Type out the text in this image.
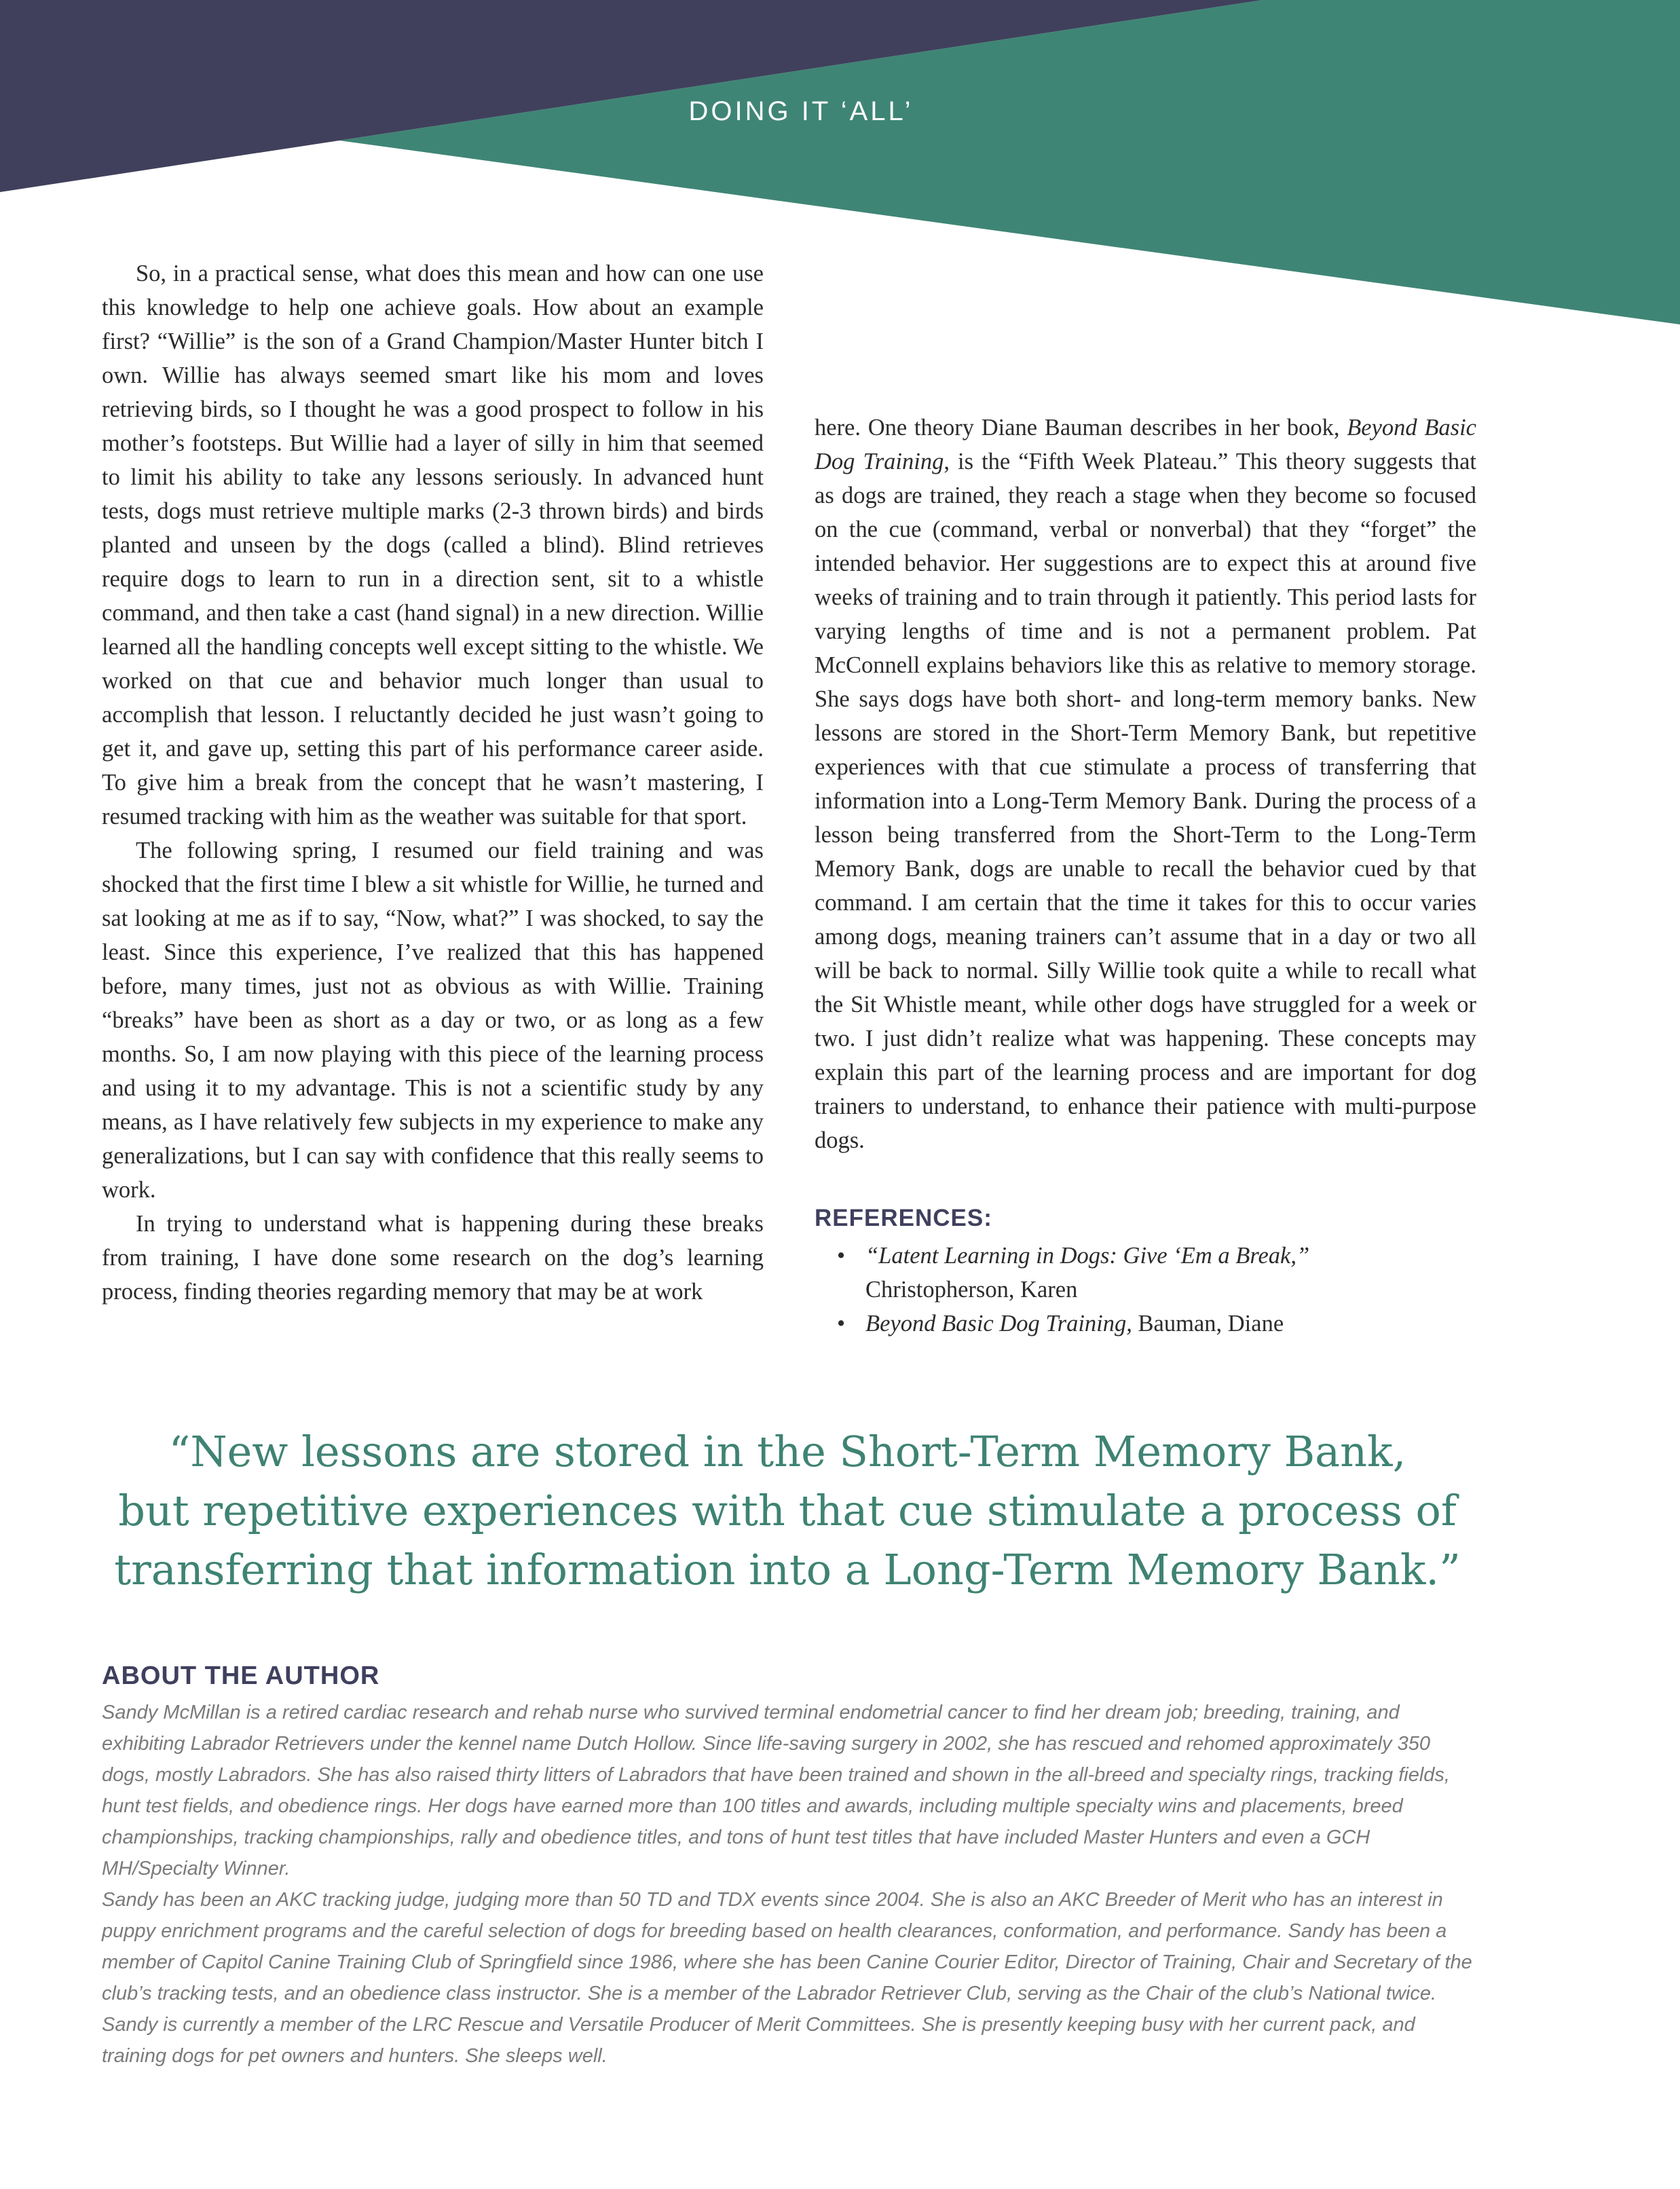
DOING IT ‘ALL’

So, in a practical sense, what does this mean and how can one use this knowledge to help one achieve goals. How about an example first? “Willie” is the son of a Grand Champion/Master Hunter bitch I own. Willie has always seemed smart like his mom and loves retrieving birds, so I thought he was a good prospect to follow in his mother’s footsteps. But Willie had a layer of silly in him that seemed to limit his ability to take any lessons seriously. In advanced hunt tests, dogs must retrieve multiple marks (2-3 thrown birds) and birds planted and unseen by the dogs (called a blind). Blind retrieves require dogs to learn to run in a direction sent, sit to a whistle command, and then take a cast (hand signal) in a new direction. Willie learned all the handling concepts well except sitting to the whistle. We worked on that cue and behavior much longer than usual to accomplish that lesson. I reluctantly decided he just wasn’t going to get it, and gave up, setting this part of his performance career aside. To give him a break from the concept that he wasn’t mastering, I resumed tracking with him as the weather was suitable for that sport.

The following spring, I resumed our field training and was shocked that the first time I blew a sit whistle for Willie, he turned and sat looking at me as if to say, “Now, what?” I was shocked, to say the least. Since this experience, I’ve realized that this has happened before, many times, just not as obvious as with Willie. Training “breaks” have been as short as a day or two, or as long as a few months. So, I am now playing with this piece of the learning process and using it to my advantage. This is not a scientific study by any means, as I have relatively few subjects in my experience to make any generalizations, but I can say with confidence that this really seems to work.

In trying to understand what is happening during these breaks from training, I have done some research on the dog’s learning process, finding theories regarding memory that may be at work

here. One theory Diane Bauman describes in her book, Beyond Basic Dog Training, is the “Fifth Week Plateau.” This theory suggests that as dogs are trained, they reach a stage when they become so focused on the cue (command, verbal or nonverbal) that they “forget” the intended behavior. Her suggestions are to expect this at around five weeks of training and to train through it patiently. This period lasts for varying lengths of time and is not a permanent problem. Pat McConnell explains behaviors like this as relative to memory storage. She says dogs have both short- and long-term memory banks. New lessons are stored in the Short-Term Memory Bank, but repetitive experiences with that cue stimulate a process of transferring that information into a Long-Term Memory Bank. During the process of a lesson being transferred from the Short-Term to the Long-Term Memory Bank, dogs are unable to recall the behavior cued by that command. I am certain that the time it takes for this to occur varies among dogs, meaning trainers can’t assume that in a day or two all will be back to normal. Silly Willie took quite a while to recall what the Sit Whistle meant, while other dogs have struggled for a week or two. I just didn’t realize what was happening. These concepts may explain this part of the learning process and are important for dog trainers to understand, to enhance their patience with multi-purpose dogs.

REFERENCES:
• “Latent Learning in Dogs: Give ‘Em a Break,”
Christopherson, Karen
• Beyond Basic Dog Training, Bauman, Diane
“New lessons are stored in the Short-Term Memory Bank,
but repetitive experiences with that cue stimulate a process of
transferring that information into a Long-Term Memory Bank.”
ABOUT THE AUTHOR

Sandy McMillan is a retired cardiac research and rehab nurse who survived terminal endometrial cancer to find her dream job; breeding, training, and exhibiting Labrador Retrievers under the kennel name Dutch Hollow. Since life-saving surgery in 2002, she has rescued and rehomed approximately 350 dogs, mostly Labradors. She has also raised thirty litters of Labradors that have been trained and shown in the all-breed and specialty rings, tracking fields, hunt test fields, and obedience rings. Her dogs have earned more than 100 titles and awards, including multiple specialty wins and placements, breed championships, tracking championships, rally and obedience titles, and tons of hunt test titles that have included Master Hunters and even a GCH MH/Specialty Winner.

Sandy has been an AKC tracking judge, judging more than 50 TD and TDX events since 2004. She is also an AKC Breeder of Merit who has an interest in puppy enrichment programs and the careful selection of dogs for breeding based on health clearances, conformation, and performance. Sandy has been a member of Capitol Canine Training Club of Springfield since 1986, where she has been Canine Courier Editor, Director of Training, Chair and Secretary of the club’s tracking tests, and an obedience class instructor. She is a member of the Labrador Retriever Club, serving as the Chair of the club’s National twice. Sandy is currently a member of the LRC Rescue and Versatile Producer of Merit Committees. She is presently keeping busy with her current pack, and training dogs for pet owners and hunters. She sleeps well.
